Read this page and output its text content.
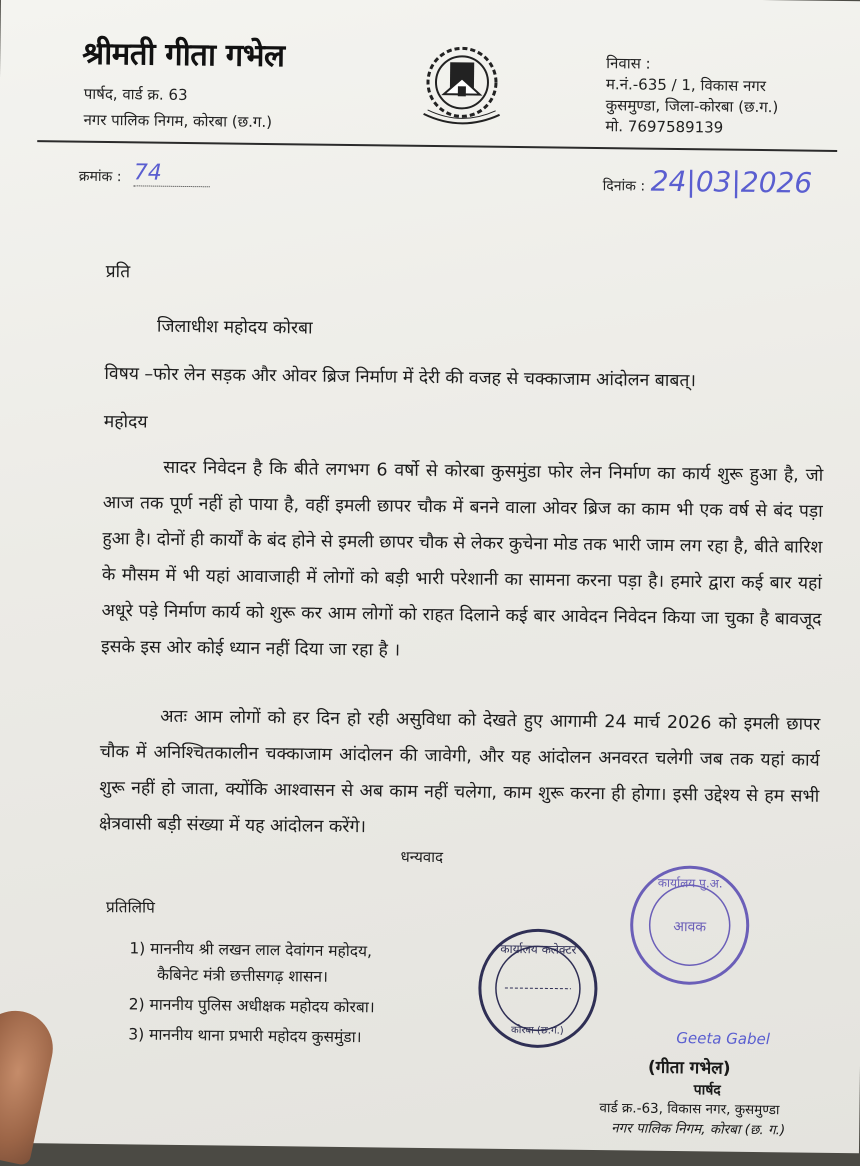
श्रीमती गीता गभेल
पार्षद, वार्ड क्र. 63
नगर पालिक निगम, कोरबा (छ.ग.)
निवास :
म.नं.-635 / 1, विकास नगर
कुसमुण्डा, जिला-कोरबा (छ.ग.)
मो. 7697589139
क्रमांक : 74
दिनांक : 24|03|2026
प्रति
जिलाधीश महोदय कोरबा
विषय –फोर लेन सड़क और ओवर ब्रिज निर्माण में देरी की वजह से चक्काजाम आंदोलन बाबत्।
महोदय
सादर निवेदन है कि बीते लगभग 6 वर्षो से कोरबा कुसमुंडा फोर लेन निर्माण का कार्य शुरू हुआ है, जो आज तक पूर्ण नहीं हो पाया है, वहीं इमली छापर चौक में बनने वाला ओवर ब्रिज का काम भी एक वर्ष से बंद पड़ा हुआ है। दोनों ही कार्यों के बंद होने से इमली छापर चौक से लेकर कुचेना मोड तक भारी जाम लग रहा है, बीते बारिश के मौसम में भी यहां आवाजाही में लोगों को बड़ी भारी परेशानी का सामना करना पड़ा है। हमारे द्वारा कई बार यहां अधूरे पड़े निर्माण कार्य को शुरू कर आम लोगों को राहत दिलाने कई बार आवेदन निवेदन किया जा चुका है बावजूद इसके इस ओर कोई ध्यान नहीं दिया जा रहा है ।
अतः आम लोगों को हर दिन हो रही असुविधा को देखते हुए आगामी 24 मार्च 2026 को इमली छापर चौक में अनिश्चितकालीन चक्काजाम आंदोलन की जावेगी, और यह आंदोलन अनवरत चलेगी जब तक यहां कार्य शुरू नहीं हो जाता, क्योंकि आश्वासन से अब काम नहीं चलेगा, काम शुरू करना ही होगा। इसी उद्देश्य से हम सभी क्षेत्रवासी बड़ी संख्या में यह आंदोलन करेंगे।
धन्यवाद
प्रतिलिपि
1) माननीय श्री लखन लाल देवांगन महोदय,
कैबिनेट मंत्री छत्तीसगढ़ शासन।
2) माननीय पुलिस अधीक्षक महोदय कोरबा।
3) माननीय थाना प्रभारी महोदय कुसमुंडा।
कार्यालय कलेक्टर
कोरबा (छ.ग.)
कार्यालय पु.अ.
आवक
Geeta Gabel
(गीता गभेल)
पार्षद
वार्ड क्र.-63, विकास नगर, कुसमुण्डा
नगर पालिक निगम, कोरबा (छ. ग.)
